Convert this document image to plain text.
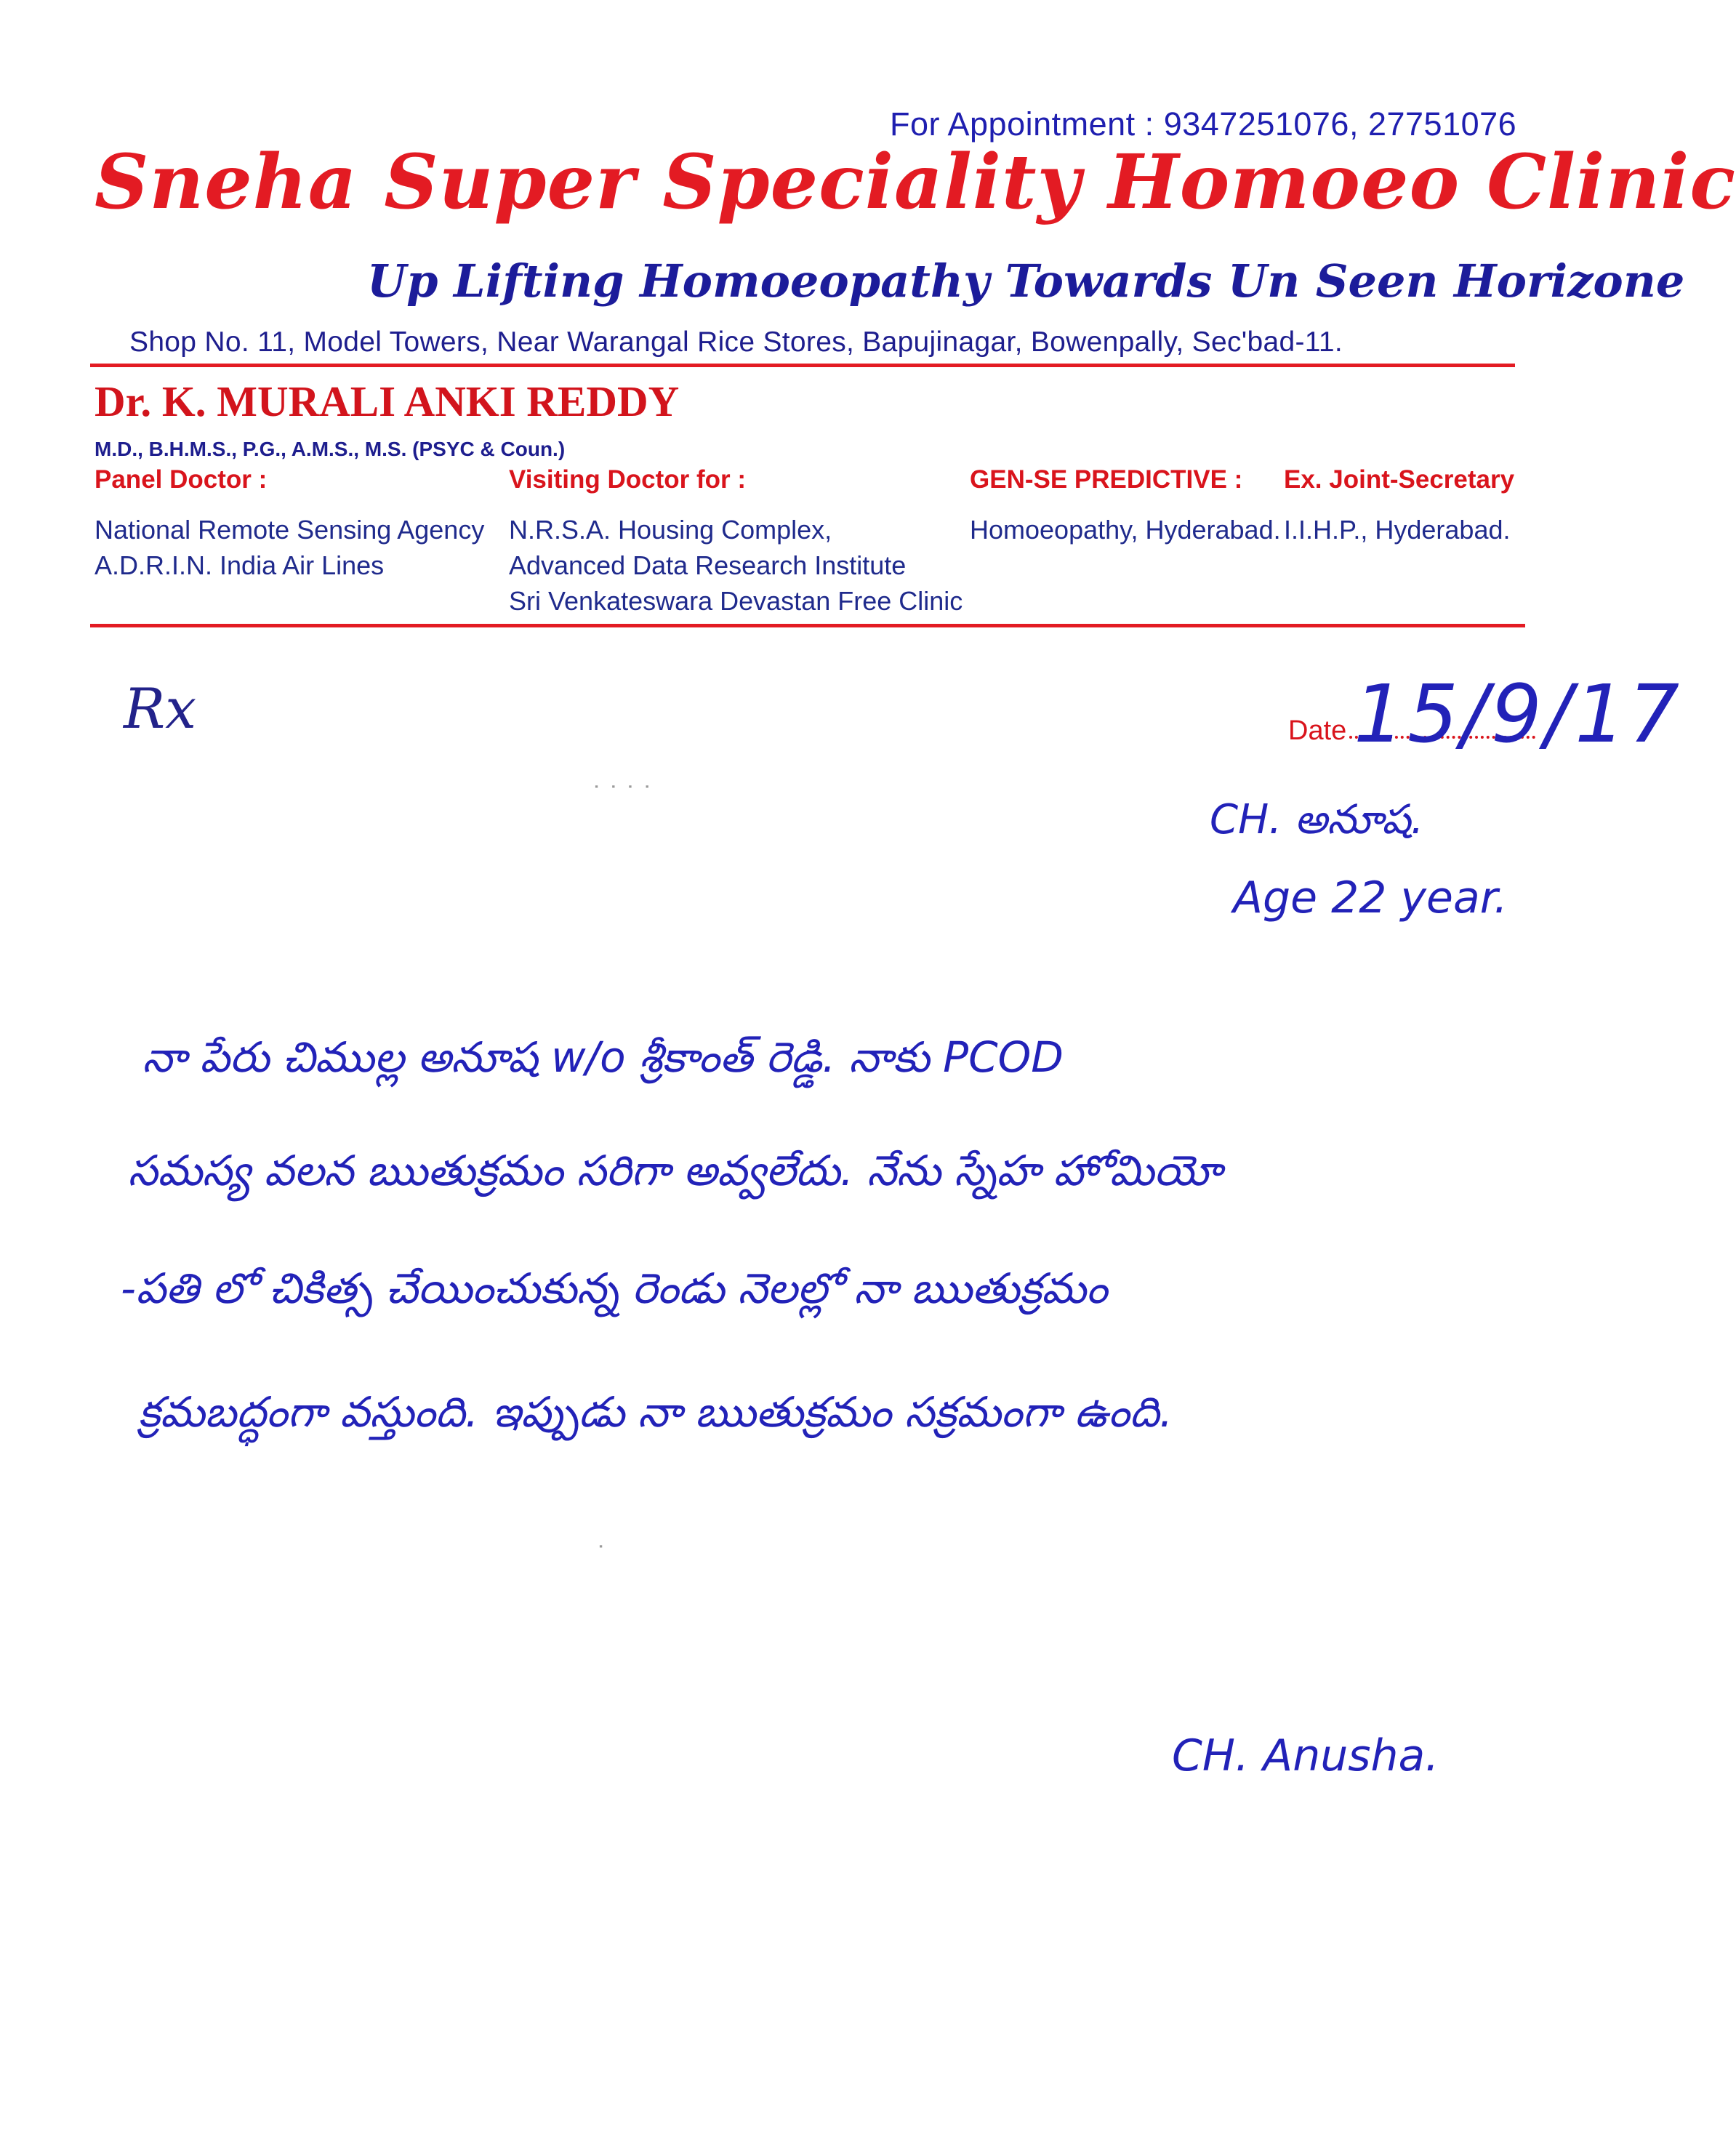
For Appointment : 9347251076, 27751076
Sneha Super Speciality Homoeo Clinic
Up Lifting Homoeopathy Towards Un Seen Horizone
Shop No. 11, Model Towers, Near Warangal Rice Stores, Bapujinagar, Bowenpally, Sec'bad-11.
Dr. K. MURALI ANKI REDDY
M.D., B.H.M.S., P.G., A.M.S., M.S. (PSYC & Coun.)
Panel Doctor :
National Remote Sensing Agency
A.D.R.I.N. India Air Lines
Visiting Doctor for :
N.R.S.A. Housing Complex,
Advanced Data Research Institute
Sri Venkateswara Devastan Free Clinic
GEN-SE PREDICTIVE :
Homoeopathy, Hyderabad.
Ex. Joint-Secretary
I.I.H.P., Hyderabad.
Rx	Date 15/9/17
˙ ˙ ˙ ˙
˙
CH. అనూష.
Age 22 year.
నా పేరు చిముల్ల అనూష w/o శ్రీకాంత్ రెడ్డి. నాకు PCOD
సమస్య వలన ఋతుక్రమం సరిగా అవ్వలేదు. నేను స్నేహ హోమియో
-పతి లో చికిత్స చేయించుకున్న రెండు నెలల్లో నా ఋతుక్రమం
క్రమబద్ధంగా వస్తుంది. ఇప్పుడు నా ఋతుక్రమం సక్రమంగా ఉంది.
CH. Anusha.
